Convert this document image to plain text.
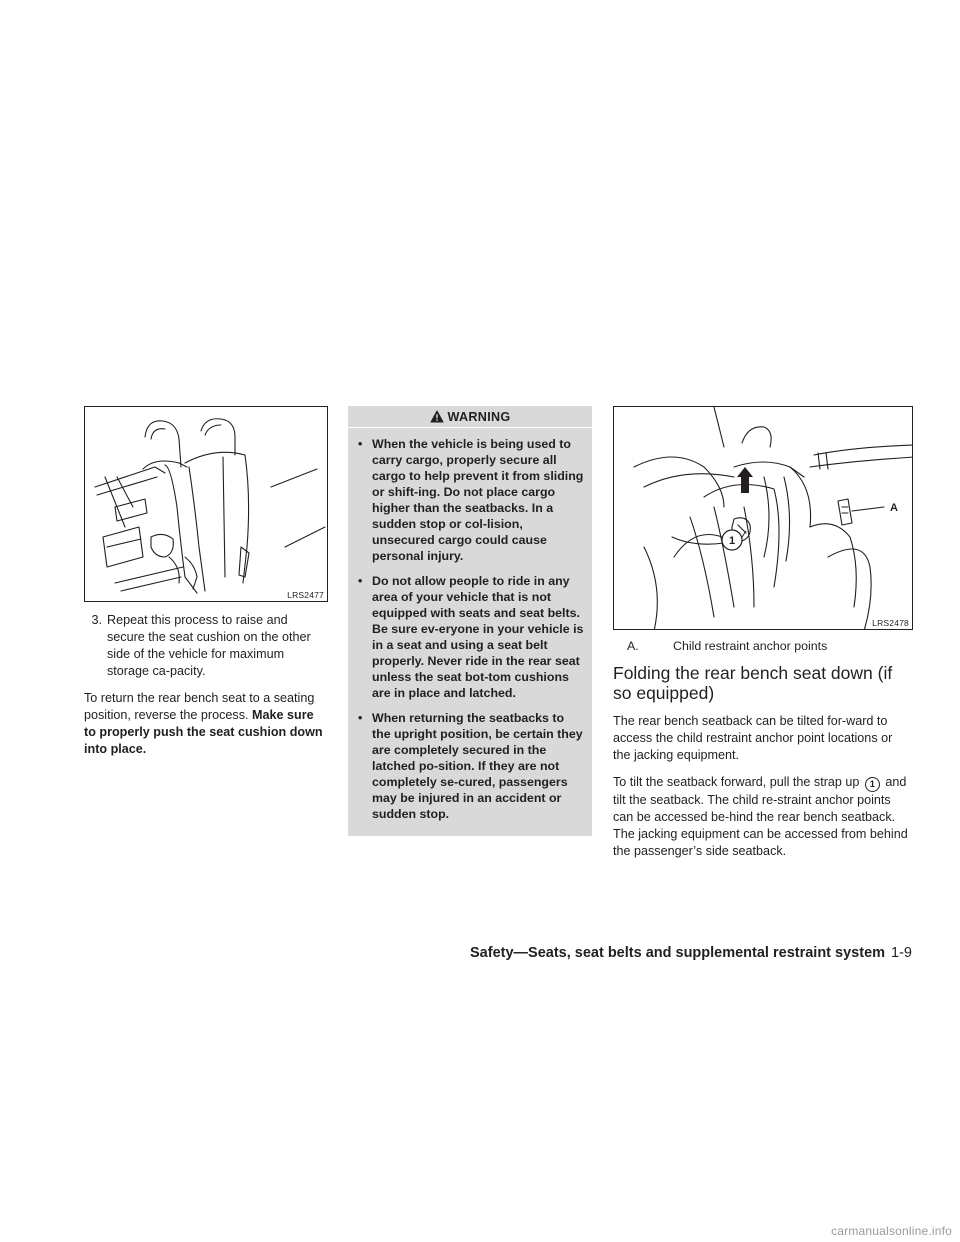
LRS2477
3. Repeat this process to raise and secure the seat cushion on the other side of the vehicle for maximum storage ca-pacity.

To return the rear bench seat to a seating position, reverse the process. Make sure to properly push the seat cushion down into place.

WARNING
• When the vehicle is being used to carry cargo, properly secure all cargo to help prevent it from sliding or shift-ing. Do not place cargo higher than the seatbacks. In a sudden stop or col-lision, unsecured cargo could cause personal injury.
• Do not allow people to ride in any area of your vehicle that is not equipped with seats and seat belts. Be sure ev-eryone in your vehicle is in a seat and using a seat belt properly. Never ride in the rear seat unless the seat bot-tom cushions are in place and latched.
• When returning the seatbacks to the upright position, be certain they are completely secured in the latched po-sition. If they are not completely se-cured, passengers may be injured in an accident or sudden stop.
1
A
LRS2478
A.	Child restraint anchor points
Folding the rear bench seat down (if so equipped)

The rear bench seatback can be tilted for-ward to access the child restraint anchor point locations or the jacking equipment.

To tilt the seatback forward, pull the strap up 1 and tilt the seatback. The child re-straint anchor points can be accessed be-hind the rear bench seatback. The jacking equipment can be accessed from behind the passenger’s side seatback.

Safety—Seats, seat belts and supplemental restraint system 1-9
carmanualsonline.info
